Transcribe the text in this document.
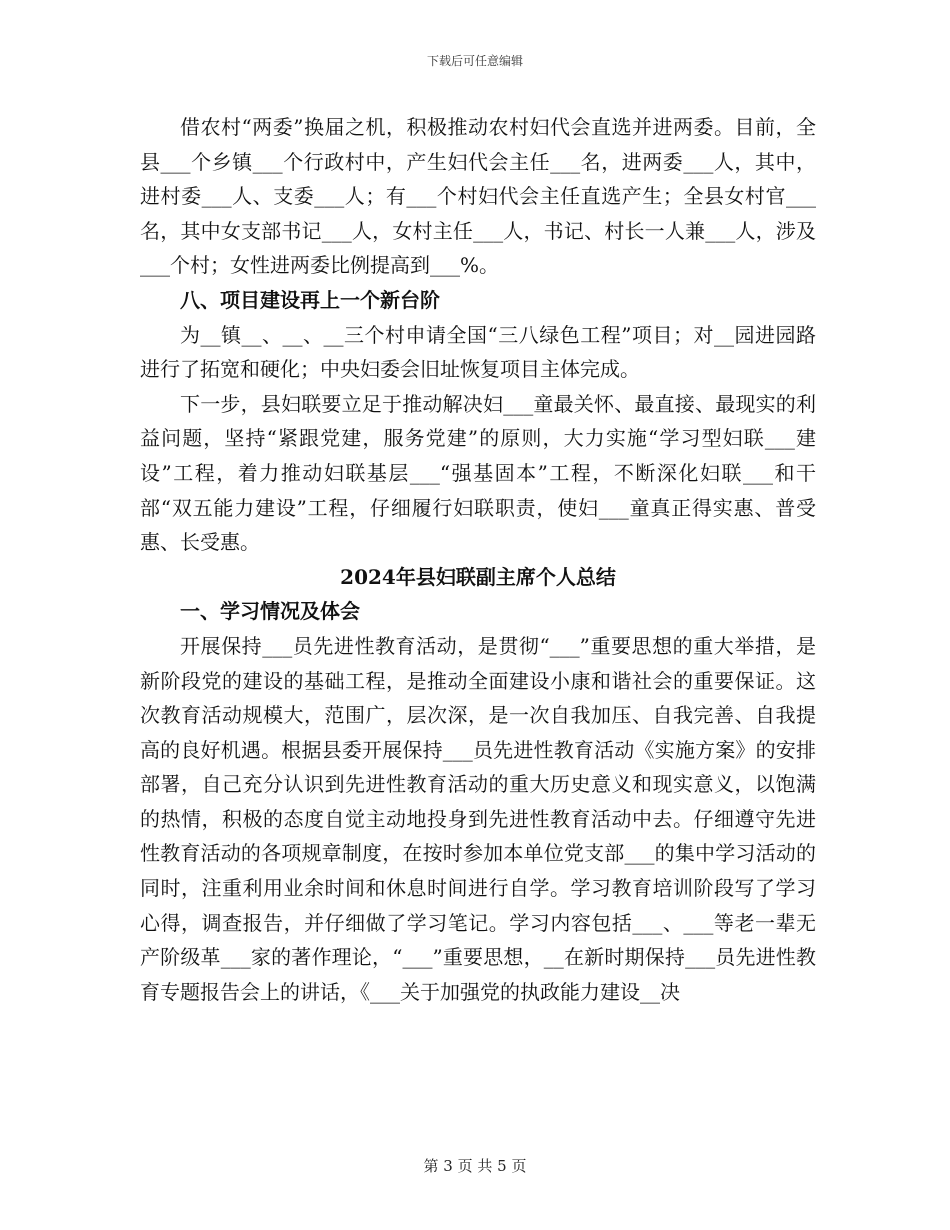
下载后可任意编辑

借农村“两委”换届之机，积极推动农村妇代会直选并进两委。目前，全县___个乡镇___个行政村中，产生妇代会主任___名，进两委___人，其中，进村委___人、支委___人；有___个村妇代会主任直选产生；全县女村官___名，其中女支部书记___人，女村主任___人，书记、村长一人兼___人，涉及___个村；女性进两委比例提高到___%。

八、项目建设再上一个新台阶

为__镇__、__、__三个村申请全国“三八绿色工程”项目；对__园进园路进行了拓宽和硬化；中央妇委会旧址恢复项目主体完成。

下一步，县妇联要立足于推动解决妇___童最关怀、最直接、最现实的利益问题，坚持“紧跟党建，服务党建”的原则，大力实施“学习型妇联___建设”工程，着力推动妇联基层___“强基固本”工程，不断深化妇联___和干部“双五能力建设”工程，仔细履行妇联职责，使妇___童真正得实惠、普受惠、长受惠。

2024年县妇联副主席个人总结
一、学习情况及体会

开展保持___员先进性教育活动，是贯彻“___”重要思想的重大举措，是新阶段党的建设的基础工程，是推动全面建设小康和谐社会的重要保证。这次教育活动规模大，范围广，层次深，是一次自我加压、自我完善、自我提高的良好机遇。根据县委开展保持___员先进性教育活动《实施方案》的安排部署，自己充分认识到先进性教育活动的重大历史意义和现实意义，以饱满的热情，积极的态度自觉主动地投身到先进性教育活动中去。仔细遵守先进性教育活动的各项规章制度，在按时参加本单位党支部___的集中学习活动的同时，注重利用业余时间和休息时间进行自学。学习教育培训阶段写了学习心得，调查报告，并仔细做了学习笔记。学习内容包括___、___等老一辈无产阶级革___家的著作理论，“___”重要思想，__在新时期保持___员先进性教育专题报告会上的讲话，《___关于加强党的执政能力建设__决

第 3 页 共 5 页
